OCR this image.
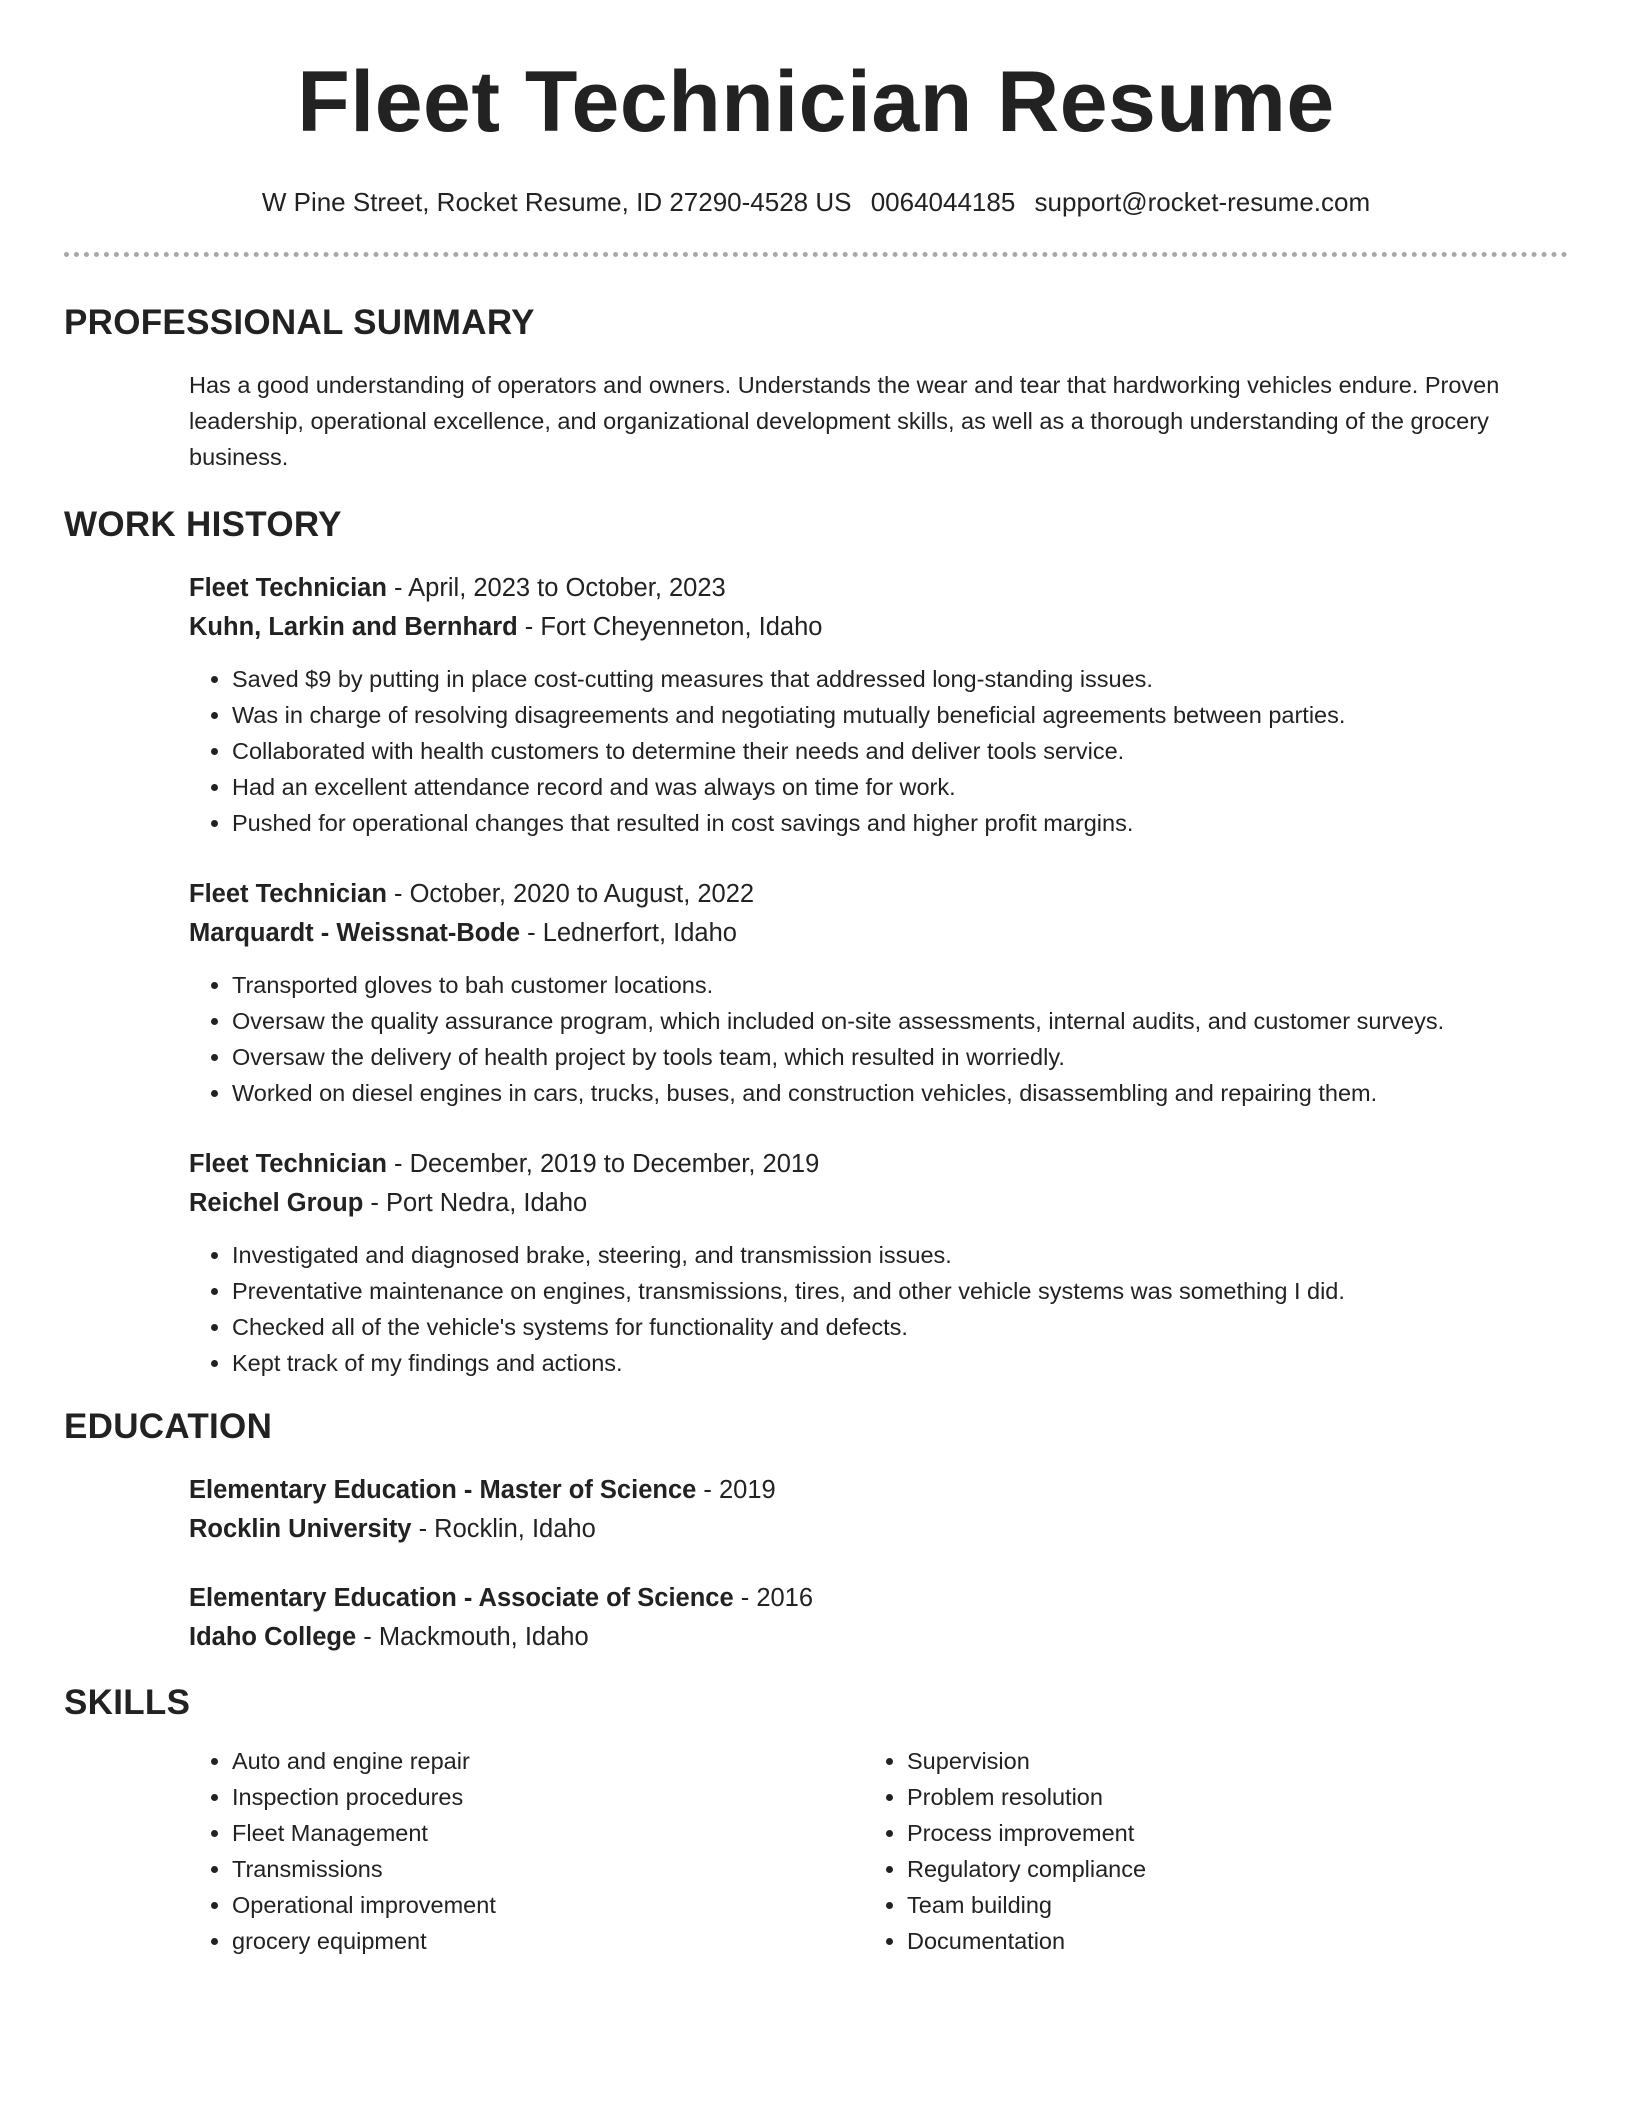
Fleet Technician Resume
W Pine Street, Rocket Resume, ID 27290-4528 US 0064044185 support@rocket-resume.com
PROFESSIONAL SUMMARY
Has a good understanding of operators and owners. Understands the wear and tear that hardworking vehicles endure. Proven leadership, operational excellence, and organizational development skills, as well as a thorough understanding of the grocery business.
WORK HISTORY
Fleet Technician - April, 2023 to October, 2023
Kuhn, Larkin and Bernhard - Fort Cheyenneton, Idaho
• Saved $9 by putting in place cost-cutting measures that addressed long-standing issues.
• Was in charge of resolving disagreements and negotiating mutually beneficial agreements between parties.
• Collaborated with health customers to determine their needs and deliver tools service.
• Had an excellent attendance record and was always on time for work.
• Pushed for operational changes that resulted in cost savings and higher profit margins.
Fleet Technician - October, 2020 to August, 2022
Marquardt - Weissnat-Bode - Lednerfort, Idaho
• Transported gloves to bah customer locations.
• Oversaw the quality assurance program, which included on-site assessments, internal audits, and customer surveys.
• Oversaw the delivery of health project by tools team, which resulted in worriedly.
• Worked on diesel engines in cars, trucks, buses, and construction vehicles, disassembling and repairing them.
Fleet Technician - December, 2019 to December, 2019
Reichel Group - Port Nedra, Idaho
• Investigated and diagnosed brake, steering, and transmission issues.
• Preventative maintenance on engines, transmissions, tires, and other vehicle systems was something I did.
• Checked all of the vehicle's systems for functionality and defects.
• Kept track of my findings and actions.
EDUCATION
Elementary Education - Master of Science - 2019
Rocklin University - Rocklin, Idaho
Elementary Education - Associate of Science - 2016
Idaho College - Mackmouth, Idaho
SKILLS
• Auto and engine repair
• Inspection procedures
• Fleet Management
• Transmissions
• Operational improvement
• grocery equipment
• Supervision
• Problem resolution
• Process improvement
• Regulatory compliance
• Team building
• Documentation
